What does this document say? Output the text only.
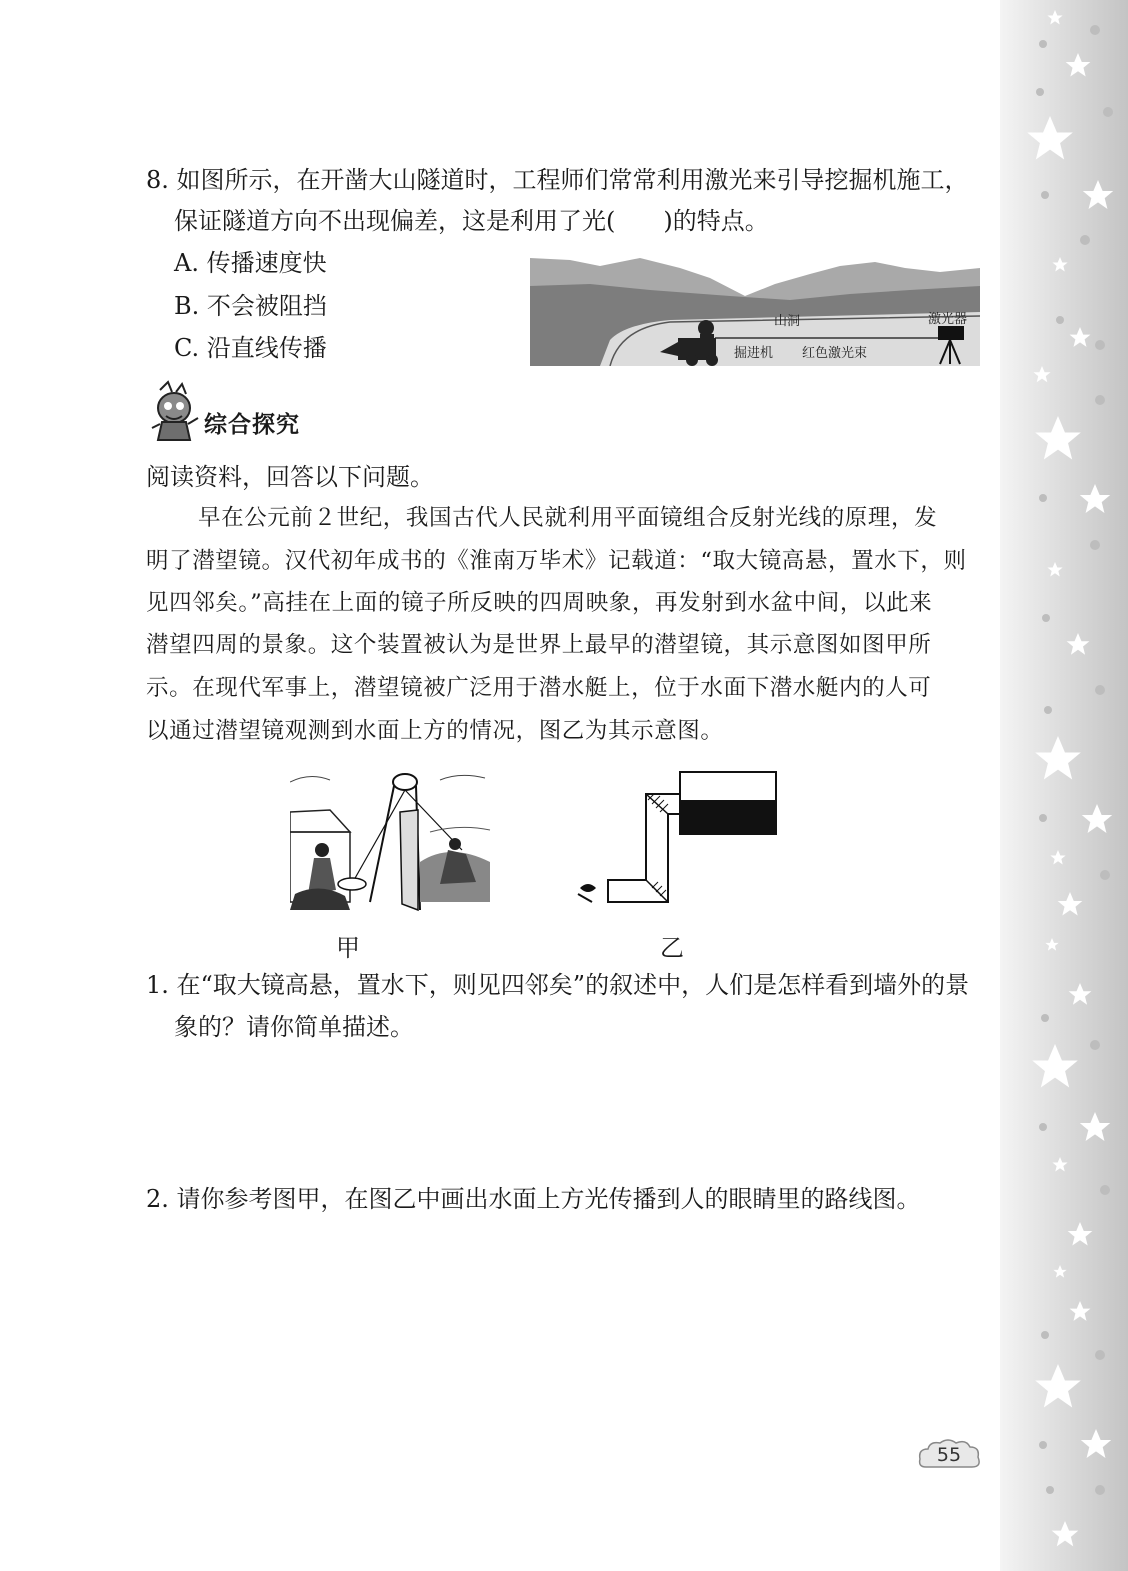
8. 如图所示，在开凿大山隧道时，工程师们常常利用激光来引导挖掘机施工，
保证隧道方向不出现偏差，这是利用了光(　　)的特点。
A. 传播速度快
B. 不会被阻挡
C. 沿直线传播
山洞	激光器
掘进机 红色激光束
综合探究
阅读资料，回答以下问题。
早在公元前２世纪，我国古代人民就利用平面镜组合反射光线的原理，发
明了潜望镜。汉代初年成书的《淮南万毕术》记载道：“取大镜高悬，置水下，则
见四邻矣。”高挂在上面的镜子所反映的四周映象，再发射到水盆中间，以此来
潜望四周的景象。这个装置被认为是世界上最早的潜望镜，其示意图如图甲所
示。在现代军事上，潜望镜被广泛用于潜水艇上，位于水面下潜水艇内的人可
以通过潜望镜观测到水面上方的情况，图乙为其示意图。
甲	乙
1. 在“取大镜高悬，置水下，则见四邻矣”的叙述中，人们是怎样看到墙外的景
象的？请你简单描述。
2. 请你参考图甲，在图乙中画出水面上方光传播到人的眼睛里的路线图。
55
